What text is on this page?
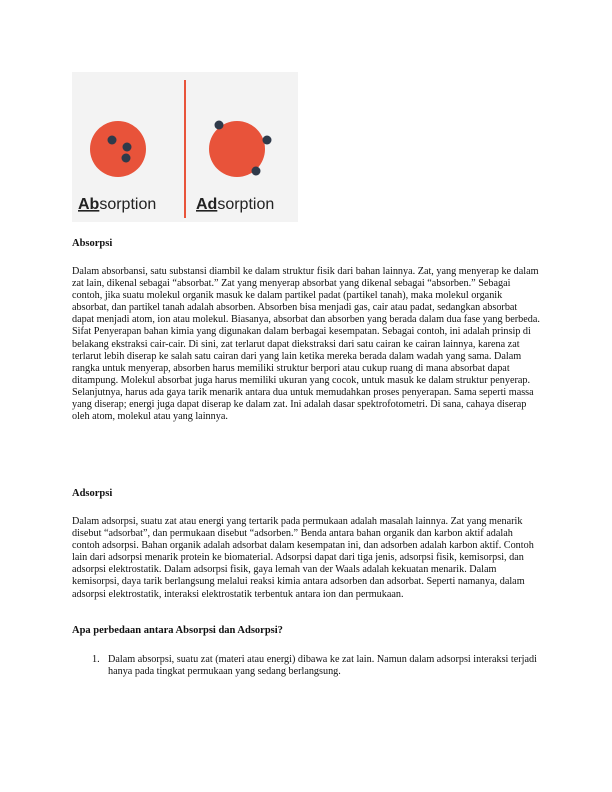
Absorption Adsorption
Absorpsi

Dalam absorbansi, satu substansi diambil ke dalam struktur fisik dari bahan lainnya. Zat, yang menyerap ke dalam zat lain, dikenal sebagai “absorbat.” Zat yang menyerap absorbat yang dikenal sebagai “absorben.” Sebagai contoh, jika suatu molekul organik masuk ke dalam partikel padat (partikel tanah), maka molekul organik absorbat, dan partikel tanah adalah absorben. Absorben bisa menjadi gas, cair atau padat, sedangkan absorbat dapat menjadi atom, ion atau molekul. Biasanya, absorbat dan absorben yang berada dalam dua fase yang berbeda. Sifat Penyerapan bahan kimia yang digunakan dalam berbagai kesempatan. Sebagai contoh, ini adalah prinsip di belakang ekstraksi cair-cair. Di sini, zat terlarut dapat diekstraksi dari satu cairan ke cairan lainnya, karena zat terlarut lebih diserap ke salah satu cairan dari yang lain ketika mereka berada dalam wadah yang sama. Dalam rangka untuk menyerap, absorben harus memiliki struktur berpori atau cukup ruang di mana absorbat dapat ditampung. Molekul absorbat juga harus memiliki ukuran yang cocok, untuk masuk ke dalam struktur penyerap. Selanjutnya, harus ada gaya tarik menarik antara dua untuk memudahkan proses penyerapan. Sama seperti massa yang diserap; energi juga dapat diserap ke dalam zat. Ini adalah dasar spektrofotometri. Di sana, cahaya diserap oleh atom, molekul atau yang lainnya.

Adsorpsi

Dalam adsorpsi, suatu zat atau energi yang tertarik pada permukaan adalah masalah lainnya. Zat yang menarik disebut “adsorbat”, dan permukaan disebut “adsorben.” Benda antara bahan organik dan karbon aktif adalah contoh adsorpsi. Bahan organik adalah adsorbat dalam kesempatan ini, dan adsorben adalah karbon aktif. Contoh lain dari adsorpsi menarik protein ke biomaterial. Adsorpsi dapat dari tiga jenis, adsorpsi fisik, kemisorpsi, dan adsorpsi elektrostatik. Dalam adsorpsi fisik, gaya lemah van der Waals adalah kekuatan menarik. Dalam kemisorpsi, daya tarik berlangsung melalui reaksi kimia antara adsorben dan adsorbat. Seperti namanya, dalam adsorpsi elektrostatik, interaksi elektrostatik terbentuk antara ion dan permukaan.

Apa perbedaan antara Absorpsi dan Adsorpsi?
1. Dalam absorpsi, suatu zat (materi atau energi) dibawa ke zat lain. Namun dalam adsorpsi interaksi terjadi hanya pada tingkat permukaan yang sedang berlangsung.
